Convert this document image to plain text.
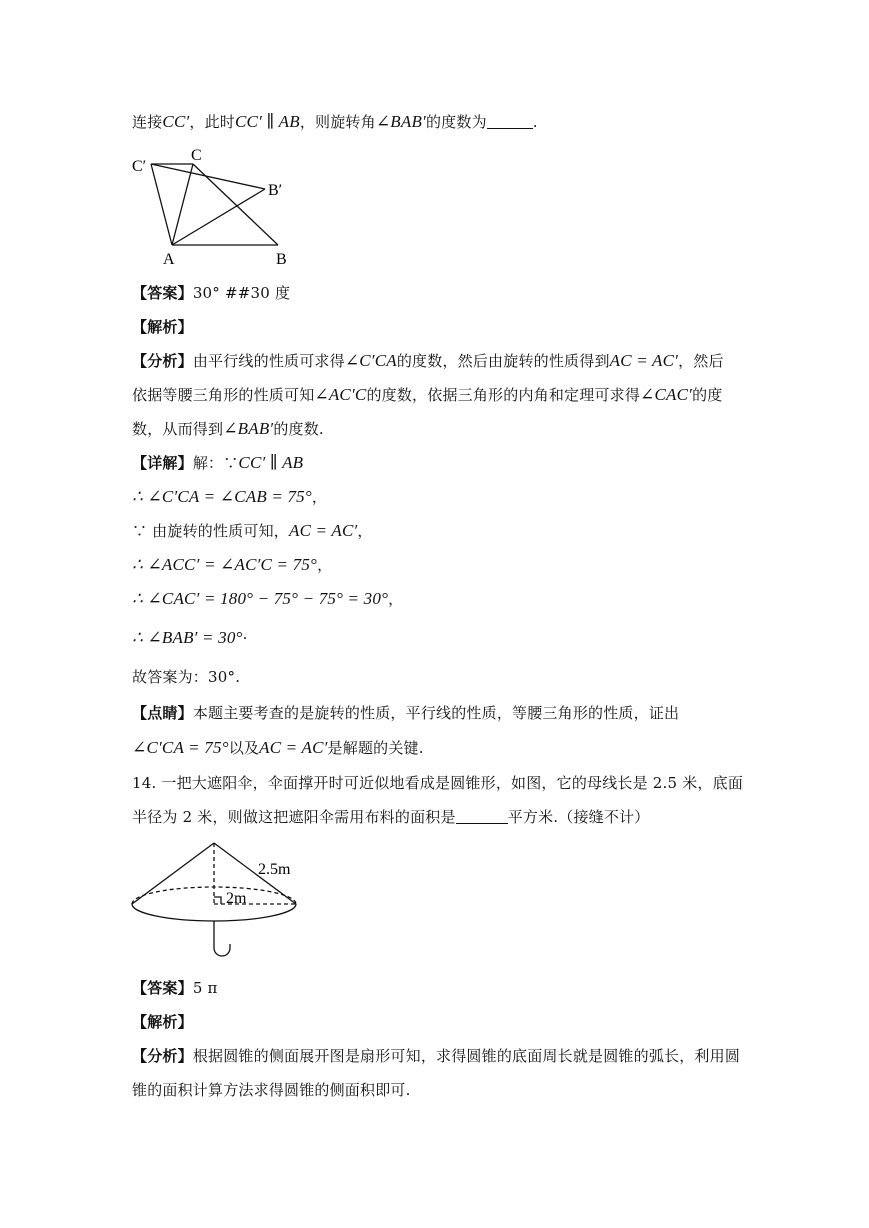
连接CC′，此时CC′ ∥ AB，则旋转角∠BAB′的度数为	.
C′
C
B′
A	B
【答案】30° ##30 度
【解析】
【分析】由平行线的性质可求得∠C′CA的度数，然后由旋转的性质得到AC = AC′，然后
依据等腰三角形的性质可知∠AC′C的度数，依据三角形的内角和定理可求得∠CAC′的度
数，从而得到∠BAB′的度数.
【详解】解：∵CC′ ∥ AB
∴ ∠C′CA = ∠CAB = 75°，
∵ 由旋转的性质可知，AC = AC′，
∴ ∠ACC′ = ∠AC′C = 75°，
∴ ∠CAC′ = 180° − 75° − 75° = 30°，
∴ ∠BAB′ = 30°·
故答案为：30°.
【点睛】本题主要考查的是旋转的性质，平行线的性质，等腰三角形的性质，证出
∠C′CA = 75°以及AC = AC′是解题的关键.
14. 一把大遮阳伞，伞面撑开时可近似地看成是圆锥形，如图，它的母线长是 2.5 米，底面
半径为 2 米，则做这把遮阳伞需用布料的面积是	平方米.（接缝不计）
2.5m
2m
【答案】5 π
【解析】
【分析】根据圆锥的侧面展开图是扇形可知，求得圆锥的底面周长就是圆锥的弧长，利用圆
锥的面积计算方法求得圆锥的侧面积即可.
